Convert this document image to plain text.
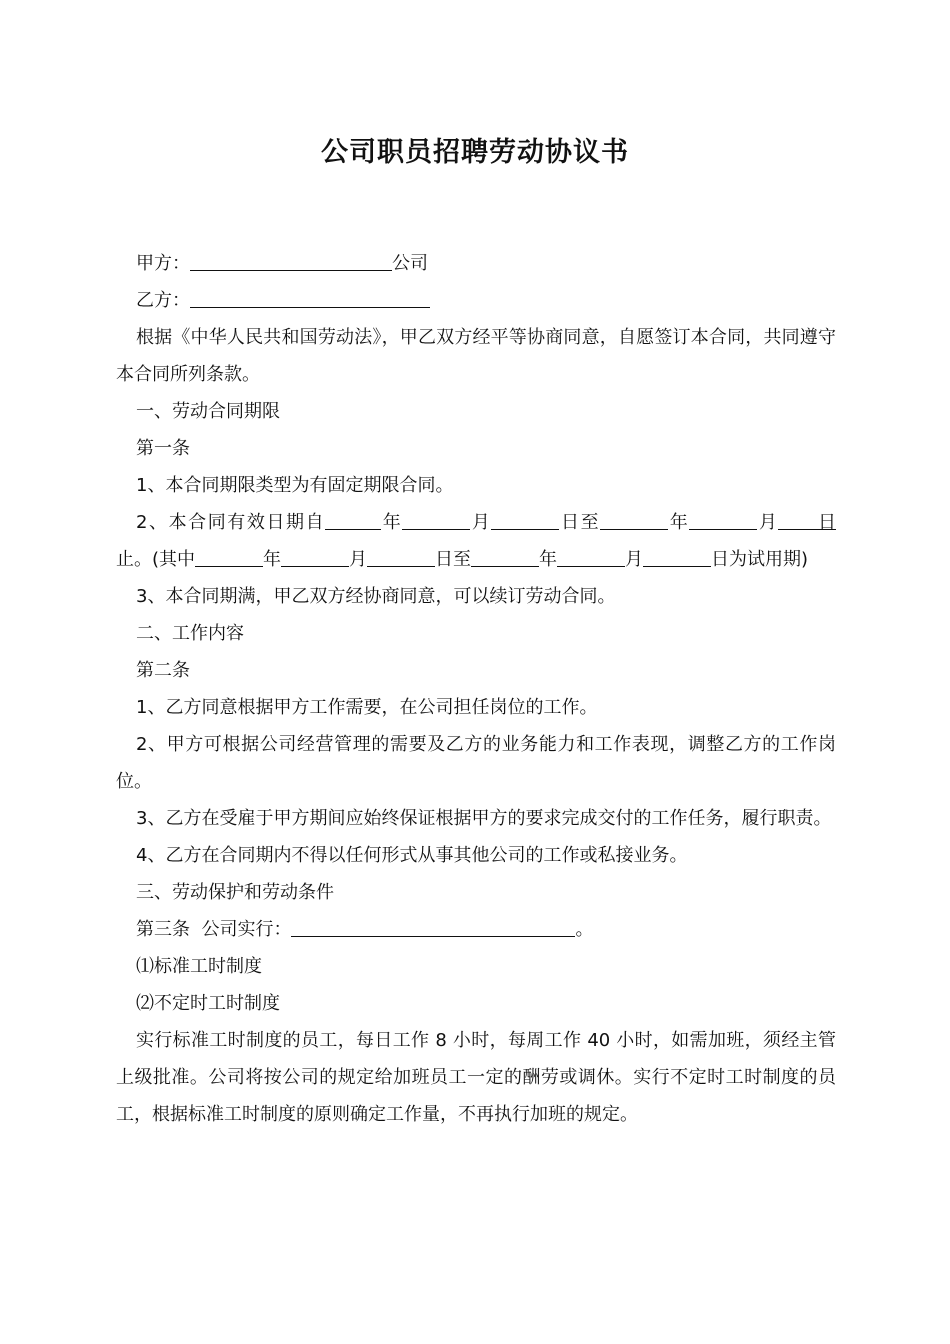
公司职员招聘劳动协议书

甲方：	公司

乙方：

根据《中华人民共和国劳动法》，甲乙双方经平等协商同意，自愿签订本合同，共同遵守本合同所列条款。

一、劳动合同期限

第一条

1、本合同期限类型为有固定期限合同。

2、本合同有效日期自	年	月	日至	年	月 日止。(其中	年	月	日至	年	月	日为试用期)

3、本合同期满，甲乙双方经协商同意，可以续订劳动合同。

二、工作内容

第二条

1、乙方同意根据甲方工作需要，在公司担任岗位的工作。

2、甲方可根据公司经营管理的需要及乙方的业务能力和工作表现，调整乙方的工作岗位。

3、乙方在受雇于甲方期间应始终保证根据甲方的要求完成交付的工作任务，履行职责。

4、乙方在合同期内不得以任何形式从事其他公司的工作或私接业务。

三、劳动保护和劳动条件

第三条  公司实行：	。

⑴标准工时制度

⑵不定时工时制度

实行标准工时制度的员工，每日工作 8 小时，每周工作 40 小时，如需加班，须经主管上级批准。公司将按公司的规定给加班员工一定的酬劳或调休。实行不定时工时制度的员工，根据标准工时制度的原则确定工作量，不再执行加班的规定。
